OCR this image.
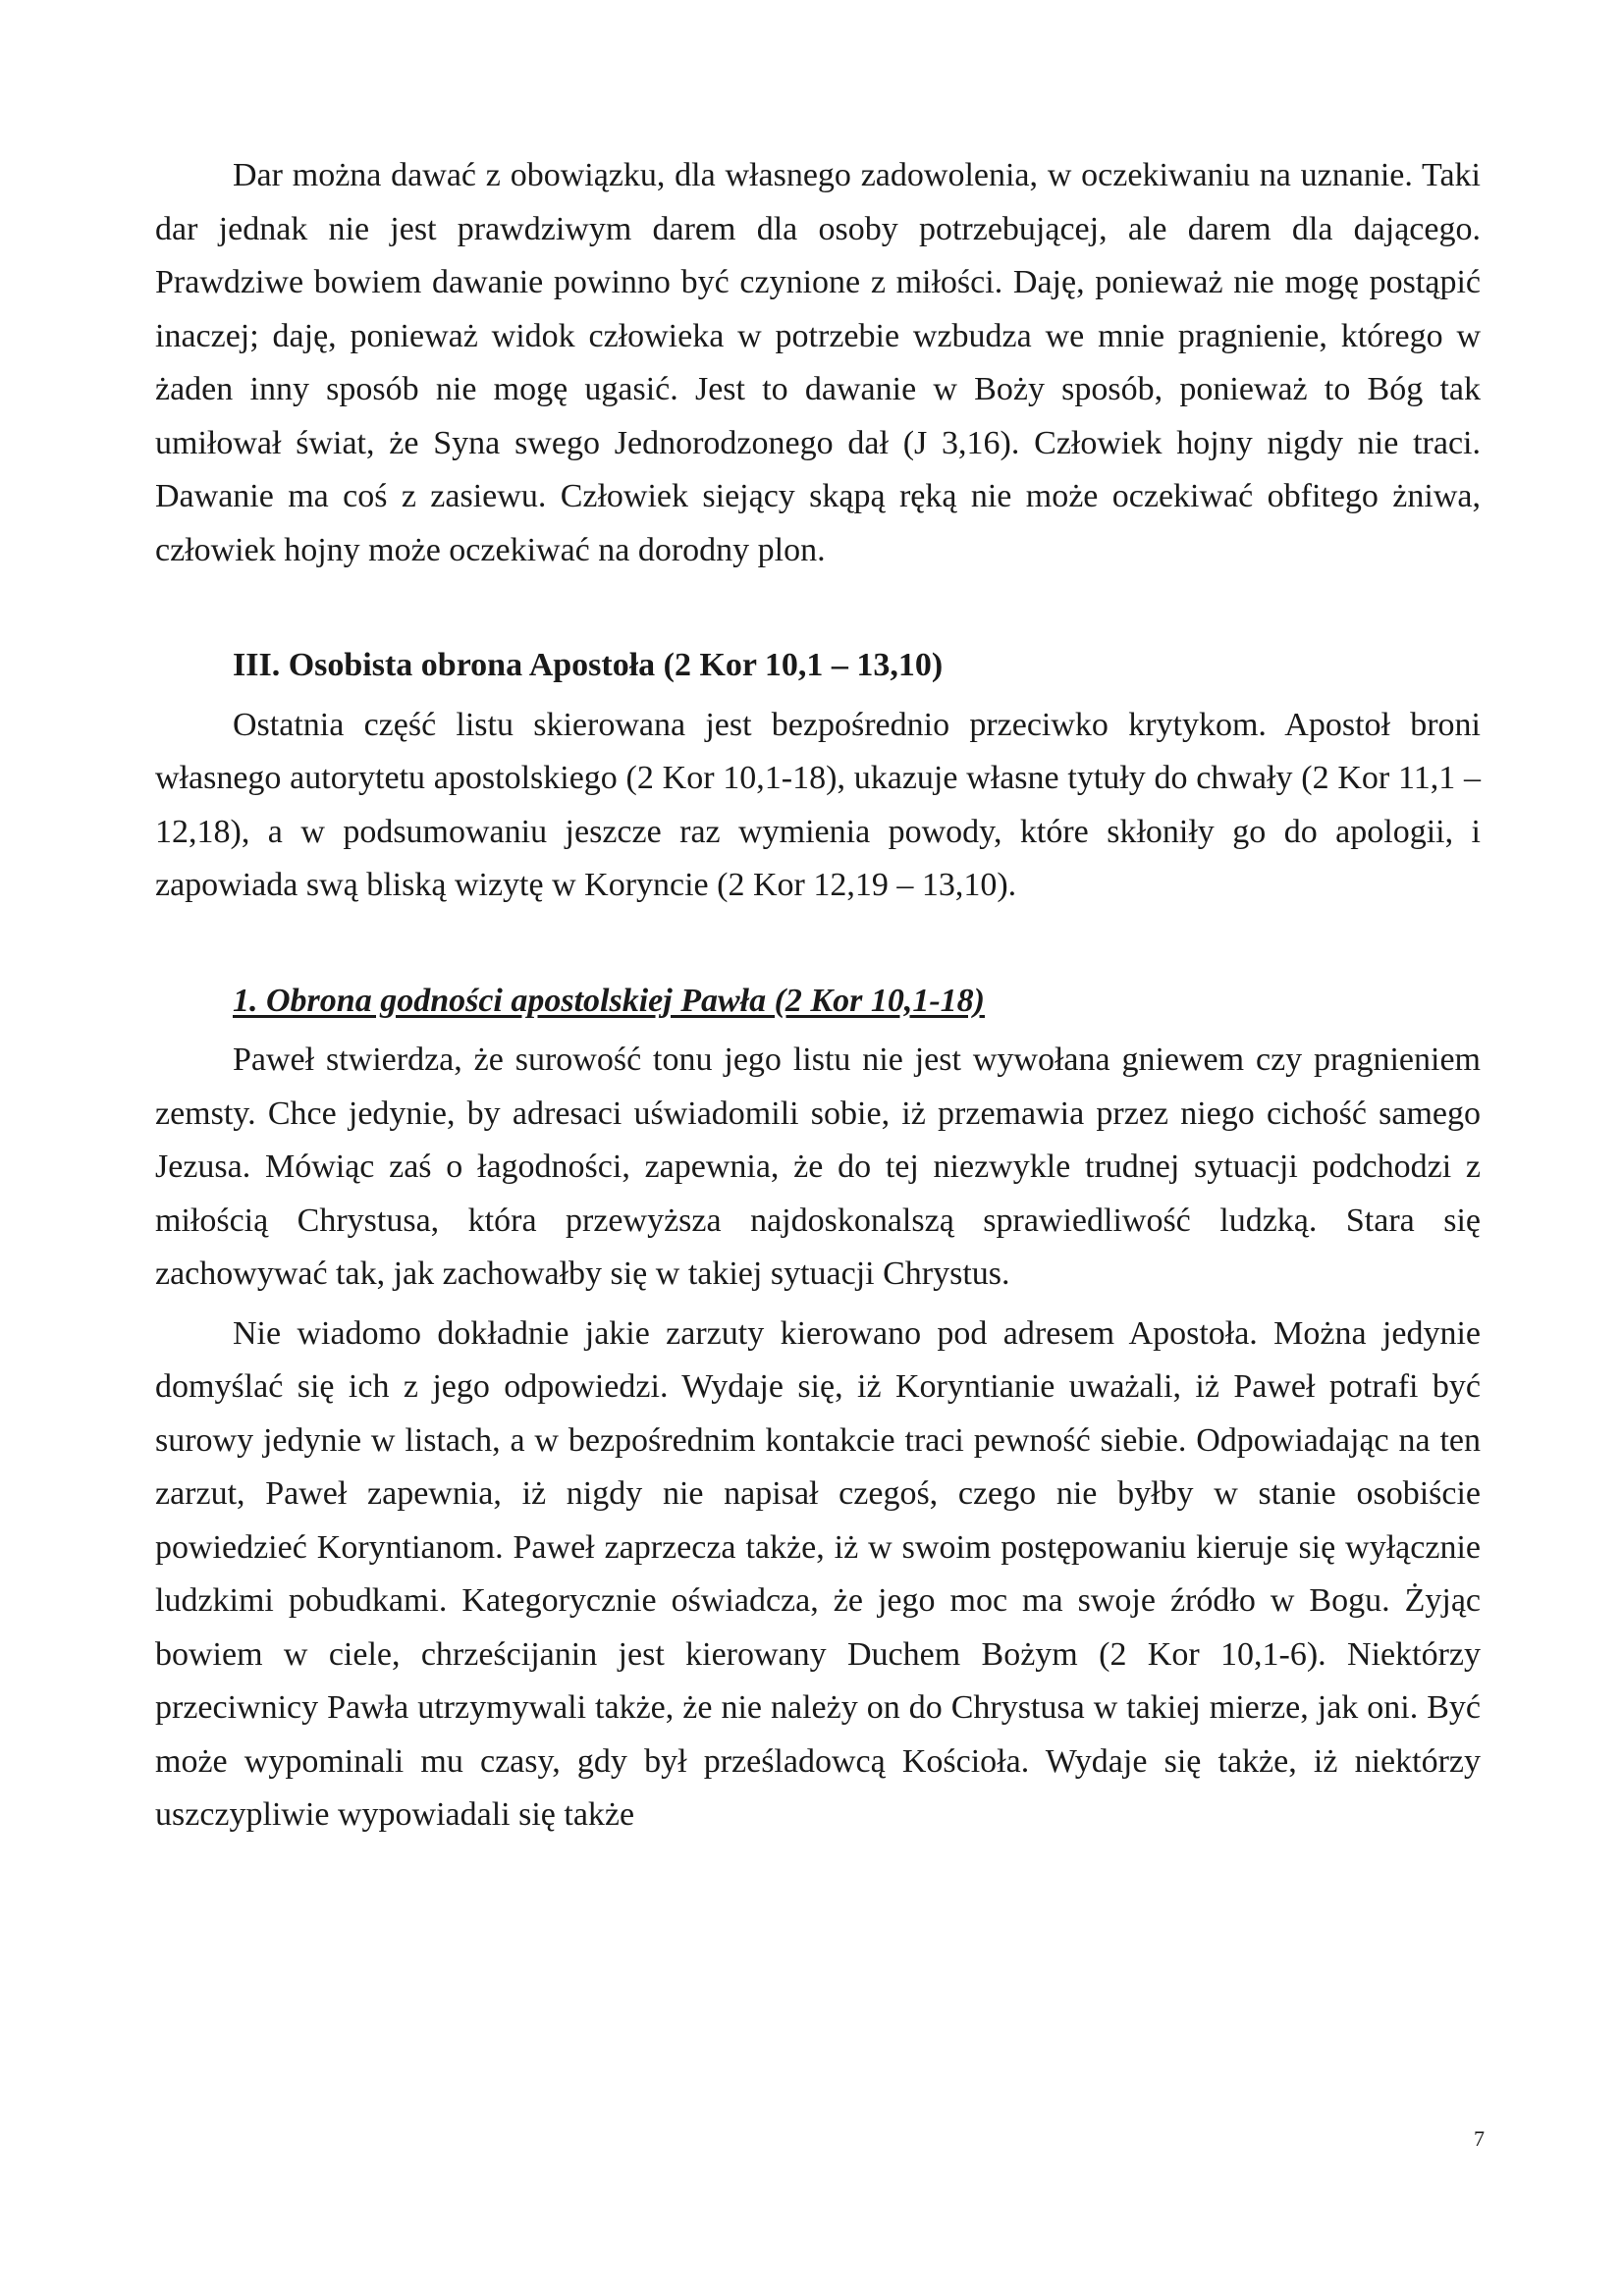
Dar można dawać z obowiązku, dla własnego zadowolenia, w oczekiwaniu na uznanie. Taki dar jednak nie jest prawdziwym darem dla osoby potrzebującej, ale darem dla dającego. Prawdziwe bowiem dawanie powinno być czynione z miłości. Daję, ponieważ nie mogę postąpić inaczej; daję, ponieważ widok człowieka w potrzebie wzbudza we mnie pragnienie, którego w żaden inny sposób nie mogę ugasić. Jest to dawanie w Boży sposób, ponieważ to Bóg tak umiłował świat, że Syna swego Jednorodzonego dał (J 3,16). Człowiek hojny nigdy nie traci. Dawanie ma coś z zasiewu. Człowiek siejący skąpą ręką nie może oczekiwać obfitego żniwa, człowiek hojny może oczekiwać na dorodny plon.

III. Osobista obrona Apostoła (2 Kor 10,1 – 13,10)

Ostatnia część listu skierowana jest bezpośrednio przeciwko krytykom. Apostoł broni własnego autorytetu apostolskiego (2 Kor 10,1-18), ukazuje własne tytuły do chwały (2 Kor 11,1 – 12,18), a w podsumowaniu jeszcze raz wymienia powody, które skłoniły go do apologii, i zapowiada swą bliską wizytę w Koryncie (2 Kor 12,19 – 13,10).

1. Obrona godności apostolskiej Pawła (2 Kor 10,1-18)

Paweł stwierdza, że surowość tonu jego listu nie jest wywołana gniewem czy pragnieniem zemsty. Chce jedynie, by adresaci uświadomili sobie, iż przemawia przez niego cichość samego Jezusa. Mówiąc zaś o łagodności, zapewnia, że do tej niezwykle trudnej sytuacji podchodzi z miłością Chrystusa, która przewyższa najdoskonalszą sprawiedliwość ludzką. Stara się zachowywać tak, jak zachowałby się w takiej sytuacji Chrystus.

Nie wiadomo dokładnie jakie zarzuty kierowano pod adresem Apostoła. Można jedynie domyślać się ich z jego odpowiedzi. Wydaje się, iż Koryntianie uważali, iż Paweł potrafi być surowy jedynie w listach, a w bezpośrednim kontakcie traci pewność siebie. Odpowiadając na ten zarzut, Paweł zapewnia, iż nigdy nie napisał czegoś, czego nie byłby w stanie osobiście powiedzieć Koryntianom. Paweł zaprzecza także, iż w swoim postępowaniu kieruje się wyłącznie ludzkimi pobudkami. Kategorycznie oświadcza, że jego moc ma swoje źródło w Bogu. Żyjąc bowiem w ciele, chrześcijanin jest kierowany Duchem Bożym (2 Kor 10,1-6). Niektórzy przeciwnicy Pawła utrzymywali także, że nie należy on do Chrystusa w takiej mierze, jak oni. Być może wypominali mu czasy, gdy był prześladowcą Kościoła. Wydaje się także, iż niektórzy uszczypliwie wypowiadali się także

7
